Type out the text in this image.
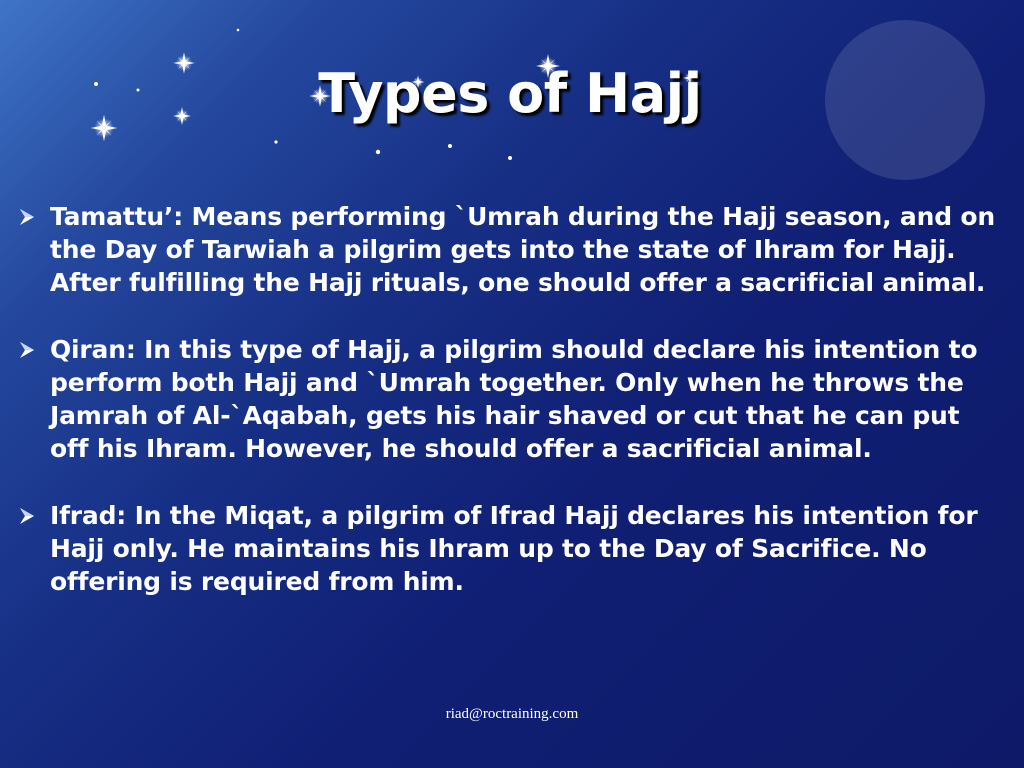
Types of Hajj
Tamattu’: Means performing `Umrah during the Hajj season, and on the Day of Tarwiah a pilgrim gets into the state of Ihram for Hajj. After fulfilling the Hajj rituals, one should offer a sacrificial animal.
Qiran: In this type of Hajj, a pilgrim should declare his intention to perform both Hajj and `Umrah together. Only when he throws the Jamrah of Al-`Aqabah, gets his hair shaved or cut that he can put off his Ihram. However, he should offer a sacrificial animal.
Ifrad: In the Miqat, a pilgrim of Ifrad Hajj declares his intention for Hajj only. He maintains his Ihram up to the Day of Sacrifice. No offering is required from him.
riad@roctraining.com
